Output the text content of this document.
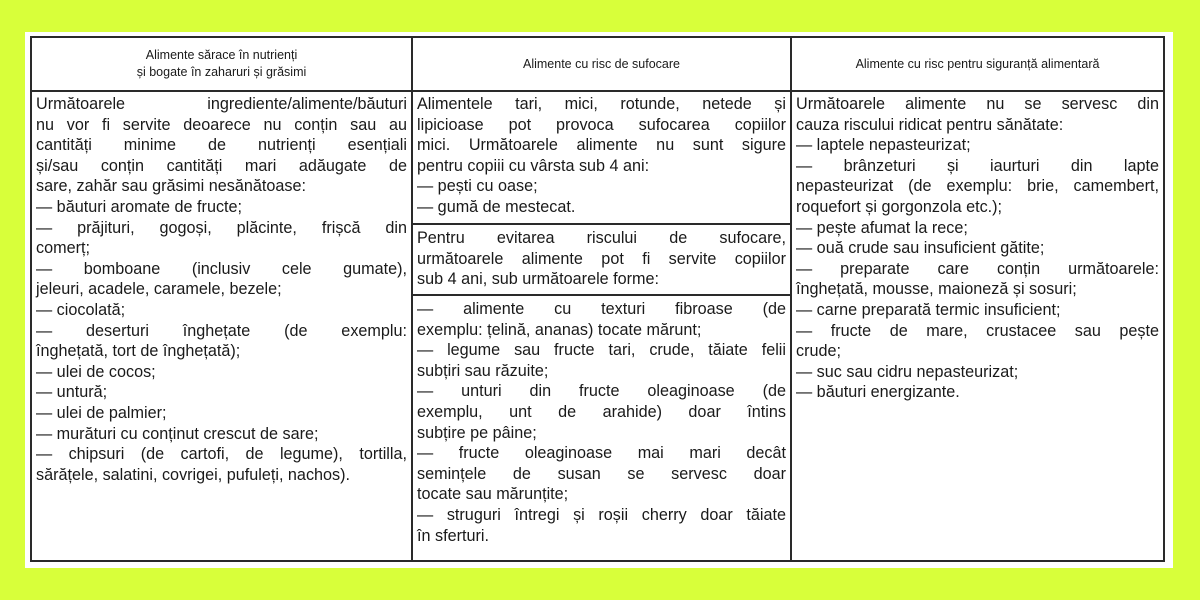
Alimente sărace în nutrienți
și bogate în zaharuri și grăsimi
Alimente cu risc de sufocare	Alimente cu risc pentru siguranță alimentară
Următoarele ingrediente/alimente/băuturi
nu vor fi servite deoarece nu conțin sau au
cantități minime de nutrienți esențiali
și/sau conțin cantități mari adăugate de
sare, zahăr sau grăsimi nesănătoase:
— băuturi aromate de fructe;
— prăjituri, gogoși, plăcinte, frișcă din
comerț;
— bomboane (inclusiv cele gumate),
jeleuri, acadele, caramele, bezele;
— ciocolată;
— deserturi înghețate (de exemplu:
înghețată, tort de înghețată);
— ulei de cocos;
— untură;
— ulei de palmier;
— murături cu conținut crescut de sare;
— chipsuri (de cartofi, de legume), tortilla,
sărățele, salatini, covrigei, pufuleți, nachos).
Alimentele tari, mici, rotunde, netede și
lipicioase pot provoca sufocarea copiilor
mici. Următoarele alimente nu sunt sigure
pentru copiii cu vârsta sub 4 ani:
— pești cu oase;
— gumă de mestecat.
Pentru evitarea riscului de sufocare,
următoarele alimente pot fi servite copiilor
sub 4 ani, sub următoarele forme:
— alimente cu texturi fibroase (de
exemplu: țelină, ananas) tocate mărunt;
— legume sau fructe tari, crude, tăiate felii
subțiri sau răzuite;
— unturi din fructe oleaginoase (de
exemplu, unt de arahide) doar întins
subțire pe pâine;
— fructe oleaginoase mai mari decât
semințele de susan se servesc doar
tocate sau mărunțite;
— struguri întregi și roșii cherry doar tăiate
în sferturi.
Următoarele alimente nu se servesc din
cauza riscului ridicat pentru sănătate:
— laptele nepasteurizat;
— brânzeturi și iaurturi din lapte
nepasteurizat (de exemplu: brie, camembert,
roquefort și gorgonzola etc.);
— pește afumat la rece;
— ouă crude sau insuficient gătite;
— preparate care conțin următoarele:
înghețată, mousse, maioneză și sosuri;
— carne preparată termic insuficient;
— fructe de mare, crustacee sau pește
crude;
— suc sau cidru nepasteurizat;
— băuturi energizante.
